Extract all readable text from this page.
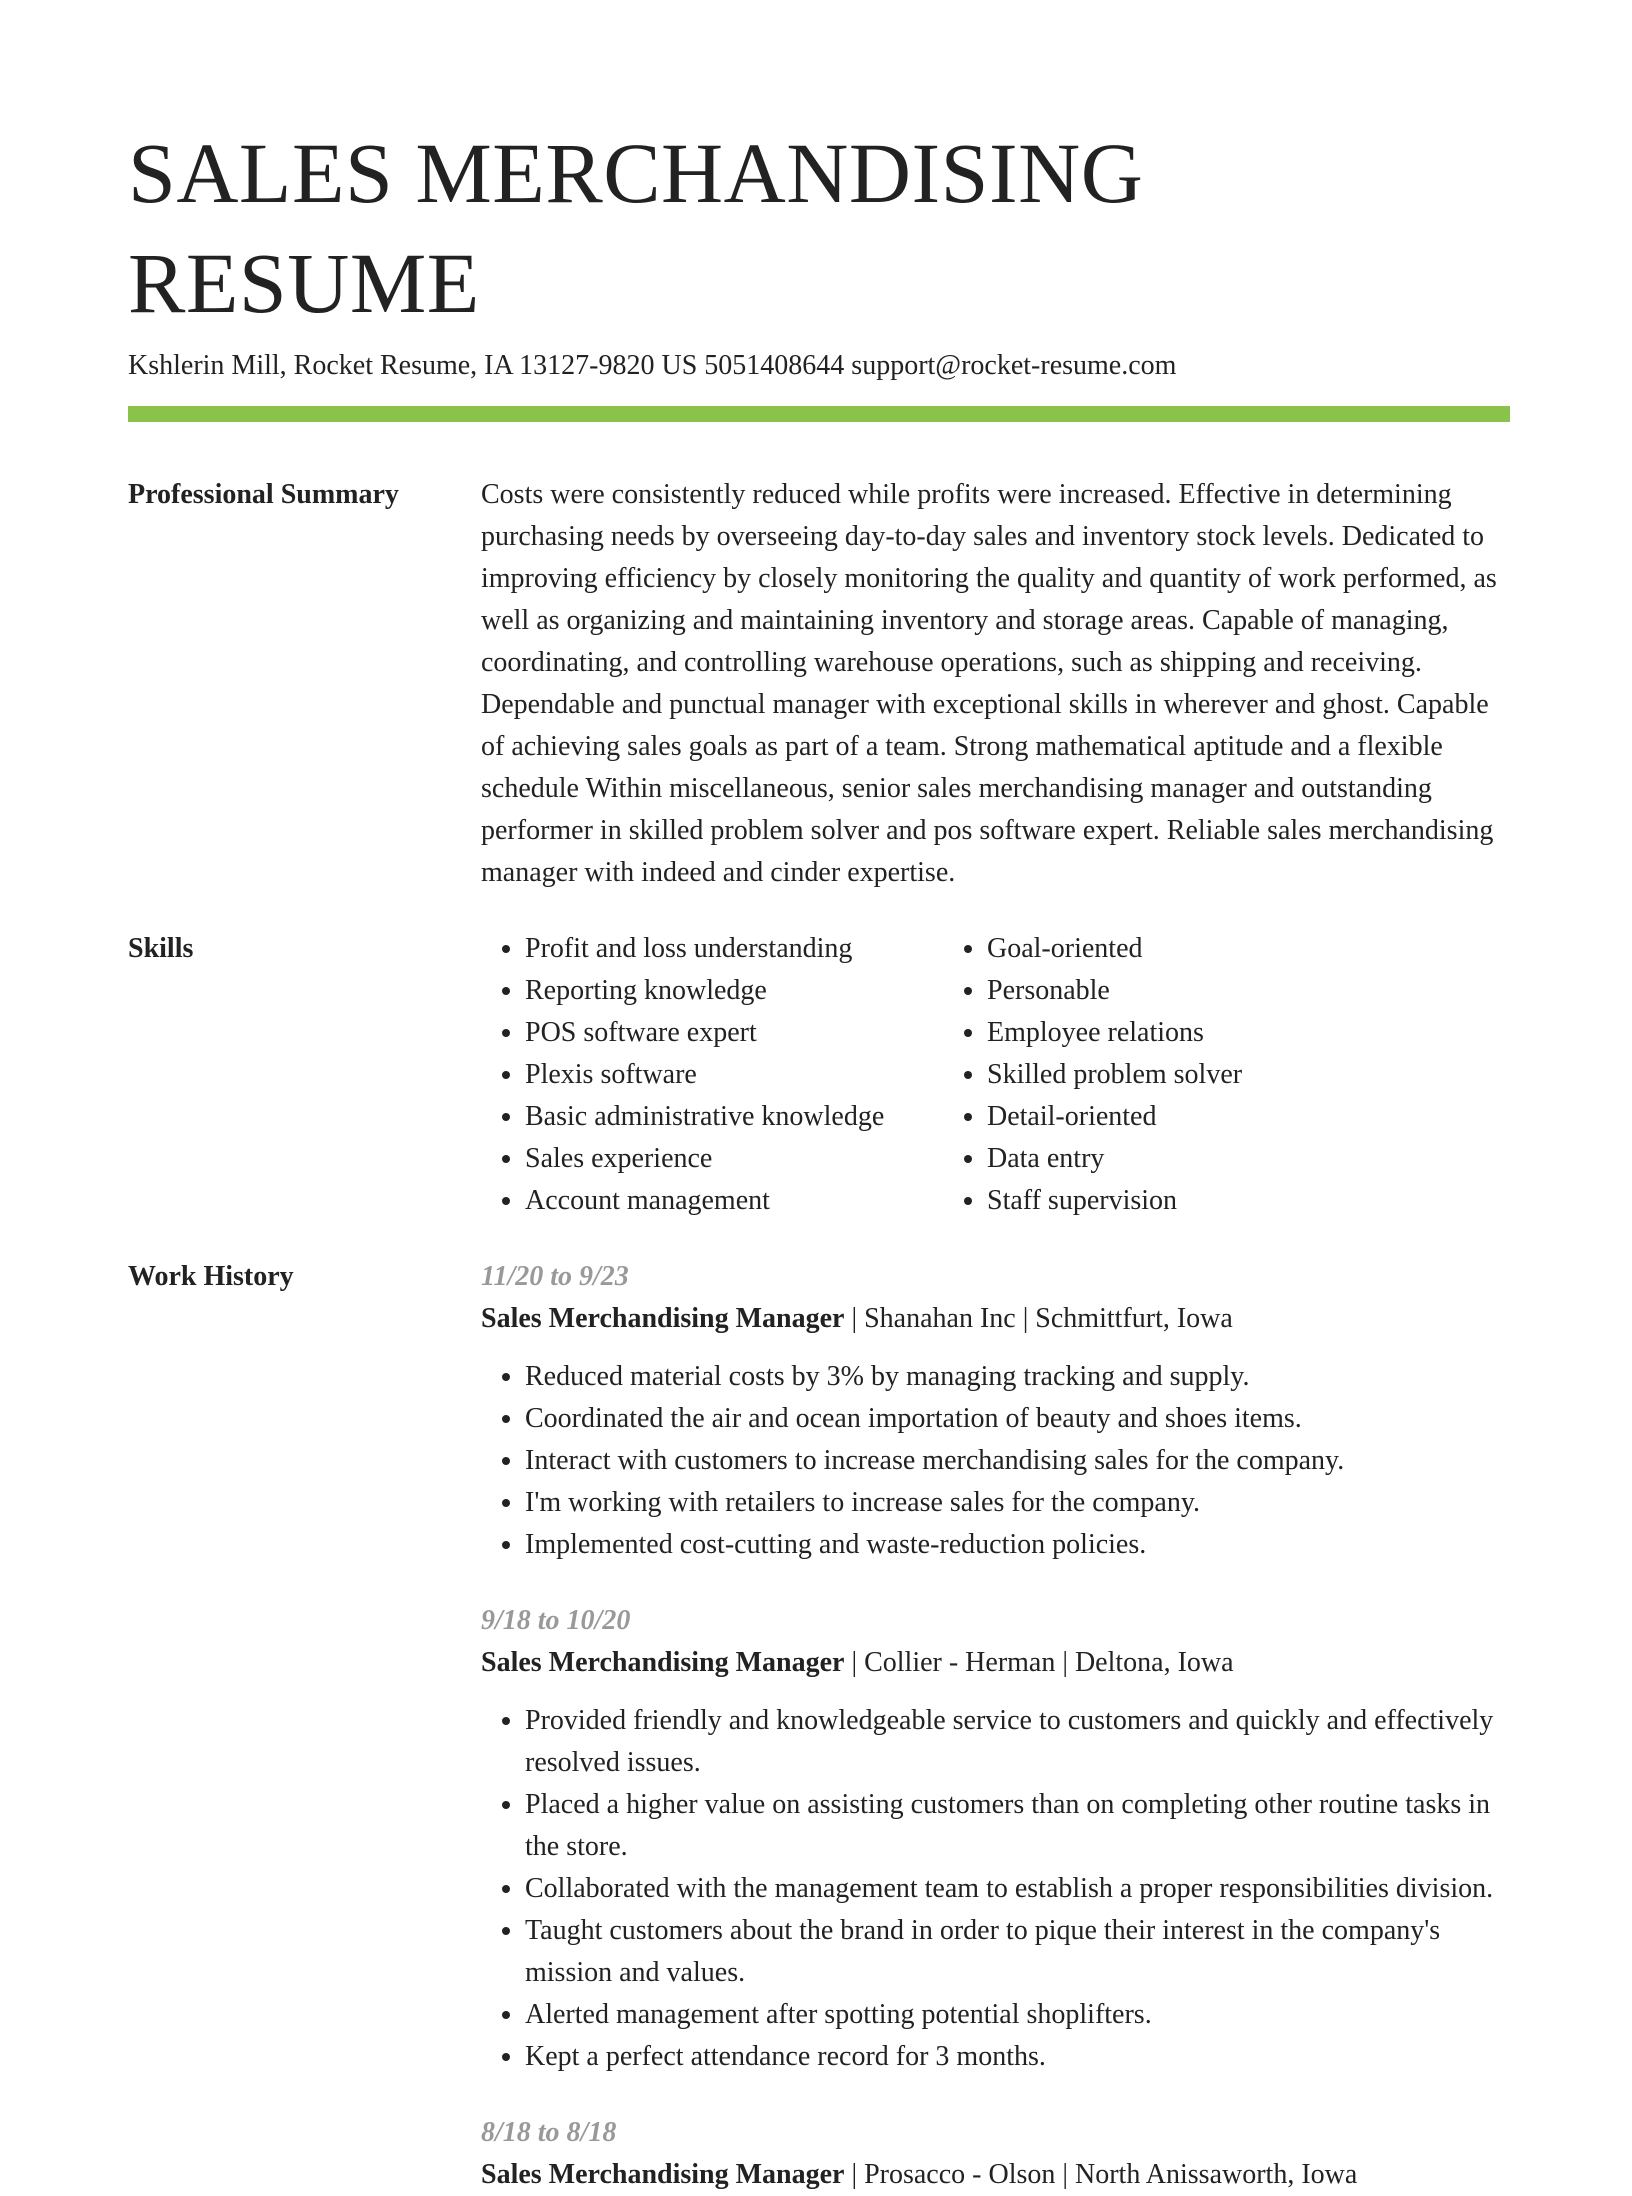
SALES MERCHANDISING RESUME
Kshlerin Mill, Rocket Resume, IA 13127-9820 US 5051408644 support@rocket-resume.com
Professional Summary	Costs were consistently reduced while profits were increased. Effective in determining purchasing needs by overseeing day-to-day sales and inventory stock levels. Dedicated to improving efficiency by closely monitoring the quality and quantity of work performed, as well as organizing and maintaining inventory and storage areas. Capable of managing, coordinating, and controlling warehouse operations, such as shipping and receiving. Dependable and punctual manager with exceptional skills in wherever and ghost. Capable of achieving sales goals as part of a team. Strong mathematical aptitude and a flexible schedule Within miscellaneous, senior sales merchandising manager and outstanding performer in skilled problem solver and pos software expert. Reliable sales merchandising manager with indeed and cinder expertise.

Skills
•	Profit and loss understanding
• Reporting knowledge
• POS software expert
• Plexis software
• Basic administrative knowledge
• Sales experience
• Account management
• Goal-oriented
• Personable
• Employee relations
• Skilled problem solver
• Detail-oriented
• Data entry
• Staff supervision
Work History	11/20 to 9/23
Sales Merchandising Manager | Shanahan Inc | Schmittfurt, Iowa
• Reduced material costs by 3% by managing tracking and supply.
• Coordinated the air and ocean importation of beauty and shoes items.
• Interact with customers to increase merchandising sales for the company.
• I'm working with retailers to increase sales for the company.
• Implemented cost-cutting and waste-reduction policies.
9/18 to 10/20
Sales Merchandising Manager | Collier - Herman | Deltona, Iowa
• Provided friendly and knowledgeable service to customers and quickly and effectively resolved issues.
• Placed a higher value on assisting customers than on completing other routine tasks in the store.
• Collaborated with the management team to establish a proper responsibilities division.
• Taught customers about the brand in order to pique their interest in the company's mission and values.
• Alerted management after spotting potential shoplifters.
• Kept a perfect attendance record for 3 months.
8/18 to 8/18
Sales Merchandising Manager | Prosacco - Olson | North Anissaworth, Iowa
